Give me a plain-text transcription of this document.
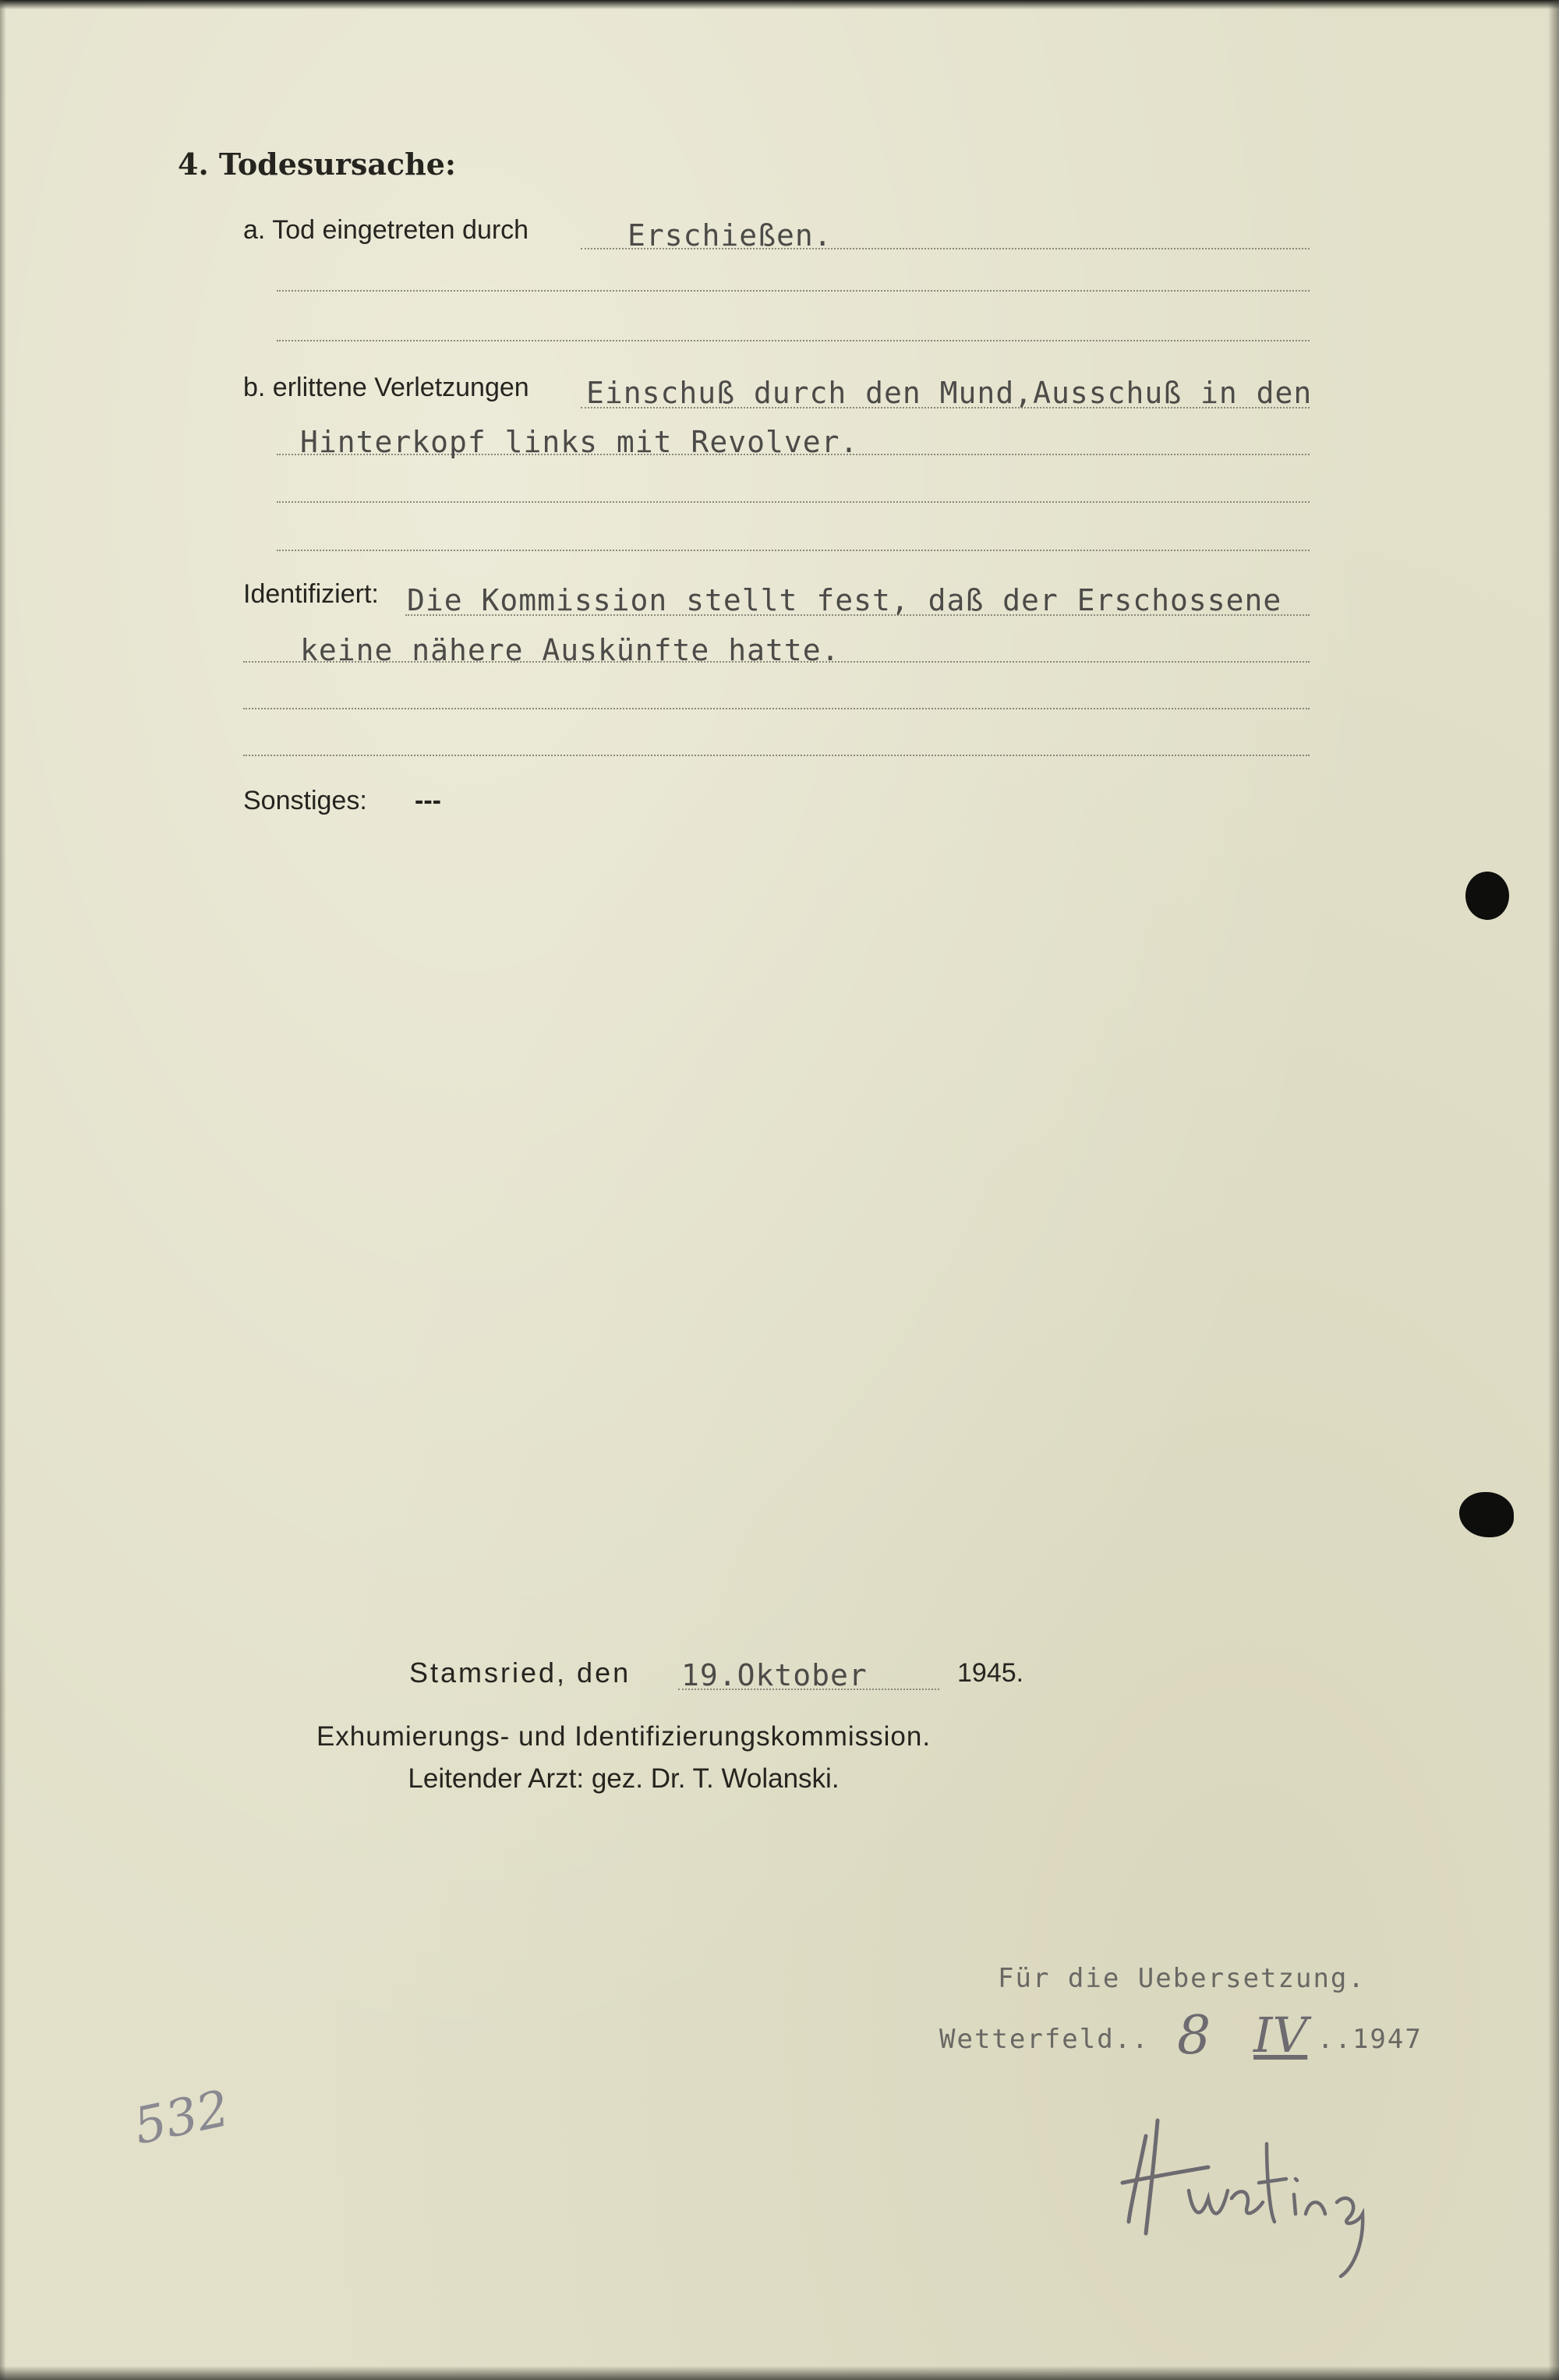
4. Todesursache:
a. Tod eingetreten durch	Erschießen.
b. erlittene Verletzungen Einschuß durch den Mund,Ausschuß in den
Hinterkopf links mit Revolver.
Identifiziert: Die Kommission stellt fest, daß der Erschossene
keine nähere Auskünfte hatte.
Sonstiges: ---
Stamsried, den 19.Oktober	1945.
Exhumierungs- und Identifizierungskommission.
Leitender Arzt: gez. Dr. T. Wolanski.
Für die Uebersetzung.
Wetterfeld.. 8 IV ..1947
532
